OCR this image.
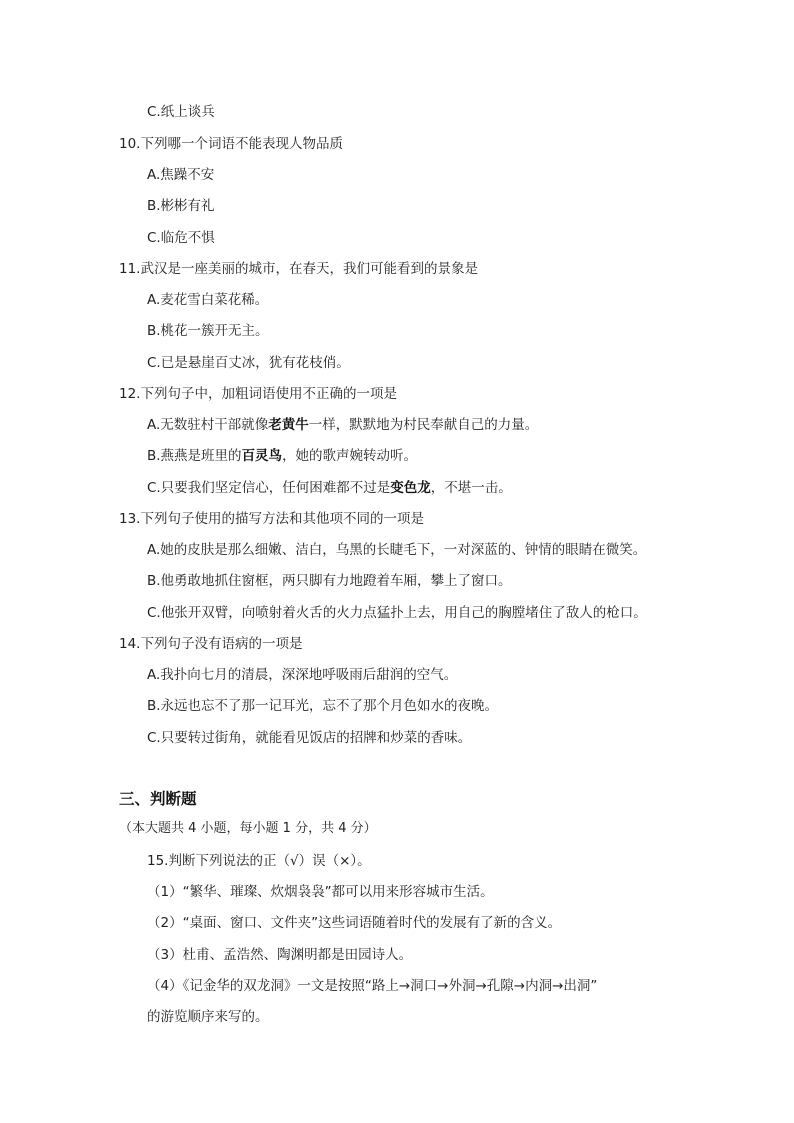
C.纸上谈兵

10.下列哪一个词语不能表现人物品质

A.焦躁不安

B.彬彬有礼

C.临危不惧

11.武汉是一座美丽的城市，在春天，我们可能看到的景象是

A.麦花雪白菜花稀。

B.桃花一簇开无主。

C.已是悬崖百丈冰，犹有花枝俏。

12.下列句子中，加粗词语使用不正确的一项是

A.无数驻村干部就像老黄牛一样，默默地为村民奉献自己的力量。

B.燕燕是班里的百灵鸟，她的歌声婉转动听。

C.只要我们坚定信心，任何困难都不过是变色龙，不堪一击。

13.下列句子使用的描写方法和其他项不同的一项是

A.她的皮肤是那么细嫩、洁白，乌黑的长睫毛下，一对深蓝的、钟情的眼睛在微笑。

B.他勇敢地抓住窗框，两只脚有力地蹬着车厢，攀上了窗口。

C.他张开双臂，向喷射着火舌的火力点猛扑上去，用自己的胸膛堵住了敌人的枪口。

14.下列句子没有语病的一项是

A.我扑向七月的清晨，深深地呼吸雨后甜润的空气。

B.永远也忘不了那一记耳光，忘不了那个月色如水的夜晚。

C.只要转过街角，就能看见饭店的招牌和炒菜的香味。

三、判断题

（本大题共 4 小题，每小题 1 分，共 4 分）

15.判断下列说法的正（√）误（×）。

（1）“繁华、璀璨、炊烟袅袅”都可以用来形容城市生活。

（2）“桌面、窗口、文件夹”这些词语随着时代的发展有了新的含义。

（3）杜甫、孟浩然、陶渊明都是田园诗人。

（4）《记金华的双龙洞》一文是按照“路上→洞口→外洞→孔隙→内洞→出洞”

的游览顺序来写的。
